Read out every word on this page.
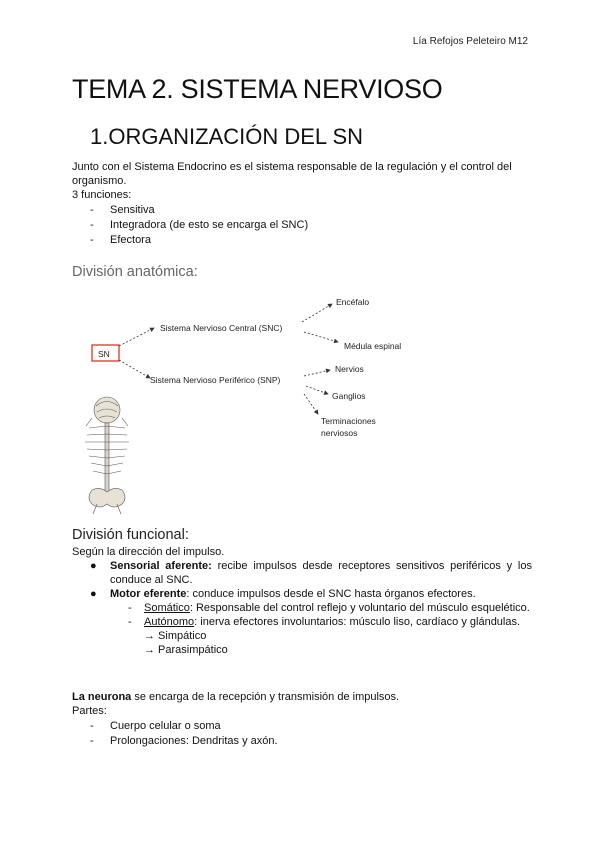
Lía Refojos Peleteiro M12
TEMA 2. SISTEMA NERVIOSO
1.ORGANIZACIÓN DEL SN
Junto con el Sistema Endocrino es el sistema responsable de la regulación y el control del organismo.
3 funciones:
- Sensitiva
- Integradora (de esto se encarga el SNC)
- Efectora
División anatómica:
SN
Sistema Nervioso Central (SNC)
Sistema Nervioso Periférico (SNP)
Encéfalo
Médula espinal
Nervios
Ganglios
Terminaciones
nerviosos
División funcional:
Según la dirección del impulso.
● Sensorial aferente: recibe impulsos desde receptores sensitivos periféricos y los conduce al SNC.
● Motor eferente: conduce impulsos desde el SNC hasta órganos efectores.
- Somático: Responsable del control reflejo y voluntario del músculo esquelético.
- Autónomo: inerva efectores involuntarios: músculo liso, cardíaco y glándulas.
→ Simpático
→ Parasimpático
La neurona se encarga de la recepción y transmisión de impulsos.
Partes:
- Cuerpo celular o soma
- Prolongaciones: Dendritas y axón.
